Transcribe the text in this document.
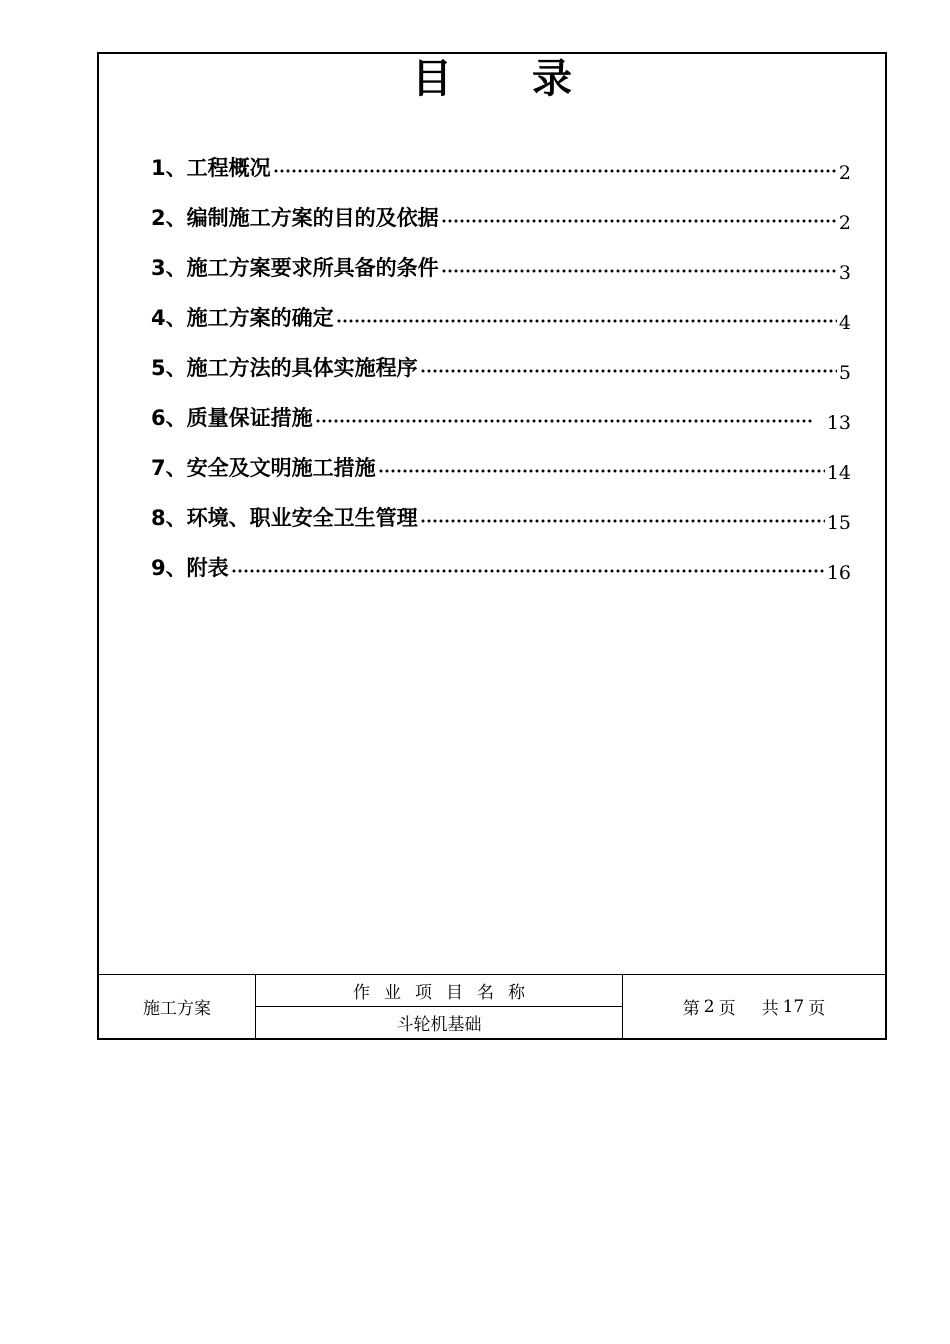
目 录
1 、 工程概况	2
2 、 编制施工方案的目的及依据	2
3 、 施工方案要求所具备的条件	3
4 、 施工方案的确定	4
5 、 施工方法的具体实施程序	5
6 、 质量保证措施	13
7 、 安全及文明施工措施	14
8 、 环境、职业安全卫生管理	15
9 、 附表	16
施工方案
作业项目名称
斗轮机基础
第 2 页 共 17 页
